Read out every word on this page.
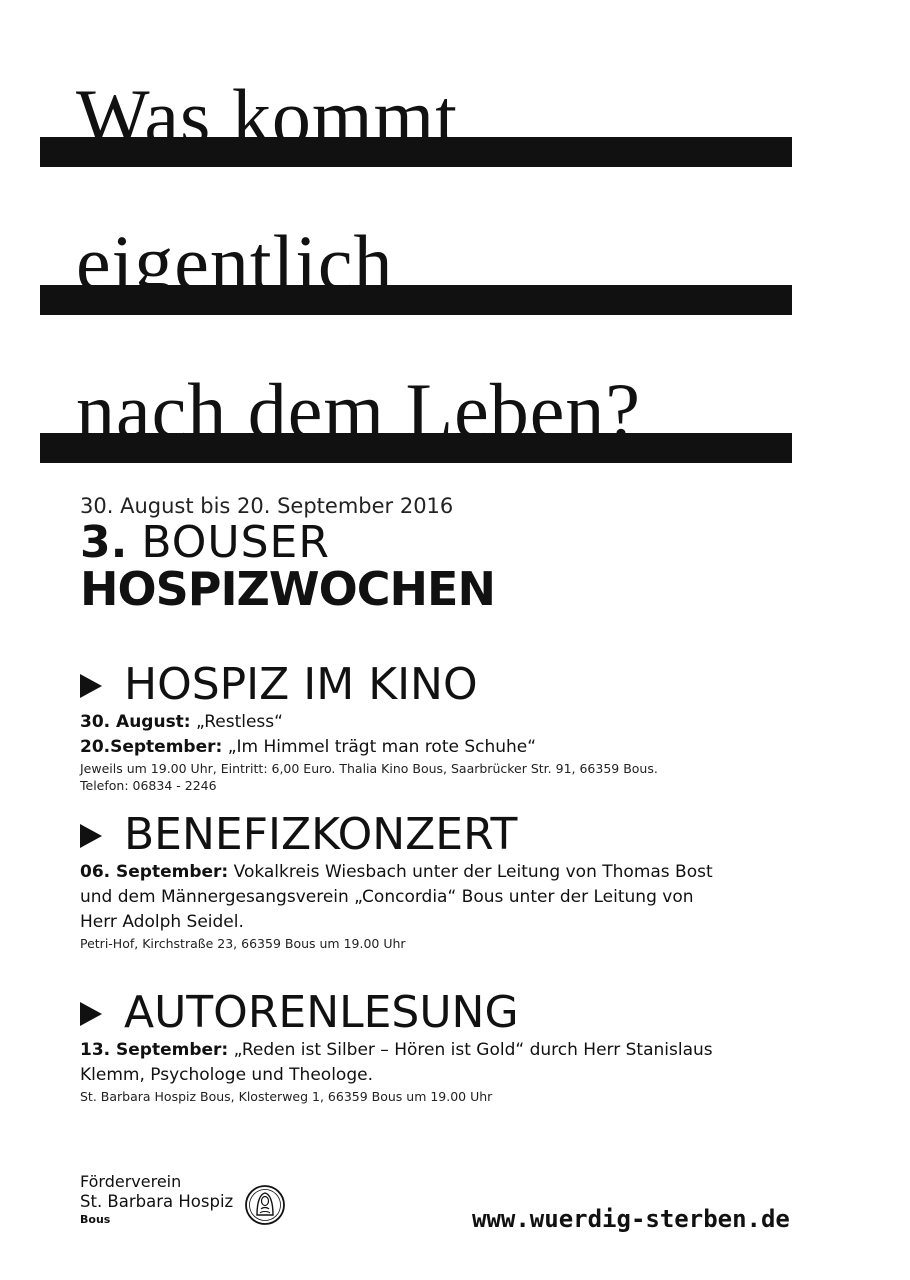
Was kommt
eigentlich
nach dem Leben?
30. August bis 20. September 2016
3. BOUSER
HOSPIZWOCHEN
HOSPIZ IM KINO
30. August: „Restless“
20.September: „Im Himmel trägt man rote Schuhe“
Jeweils um 19.00 Uhr, Eintritt: 6,00 Euro. Thalia Kino Bous, Saarbrücker Str. 91, 66359 Bous.
Telefon: 06834 - 2246
BENEFIZKONZERT
06. September: Vokalkreis Wiesbach unter der Leitung von Thomas Bost und dem Männergesangsverein „Concordia“ Bous unter der Leitung von Herr Adolph Seidel.
Petri-Hof, Kirchstraße 23, 66359 Bous um 19.00 Uhr
AUTORENLESUNG
13. September: „Reden ist Silber – Hören ist Gold“ durch Herr Stanislaus Klemm, Psychologe und Theologe.
St. Barbara Hospiz Bous, Klosterweg 1, 66359 Bous um 19.00 Uhr
Förderverein
St. Barbara Hospiz
Bous	www.wuerdig-sterben.de
